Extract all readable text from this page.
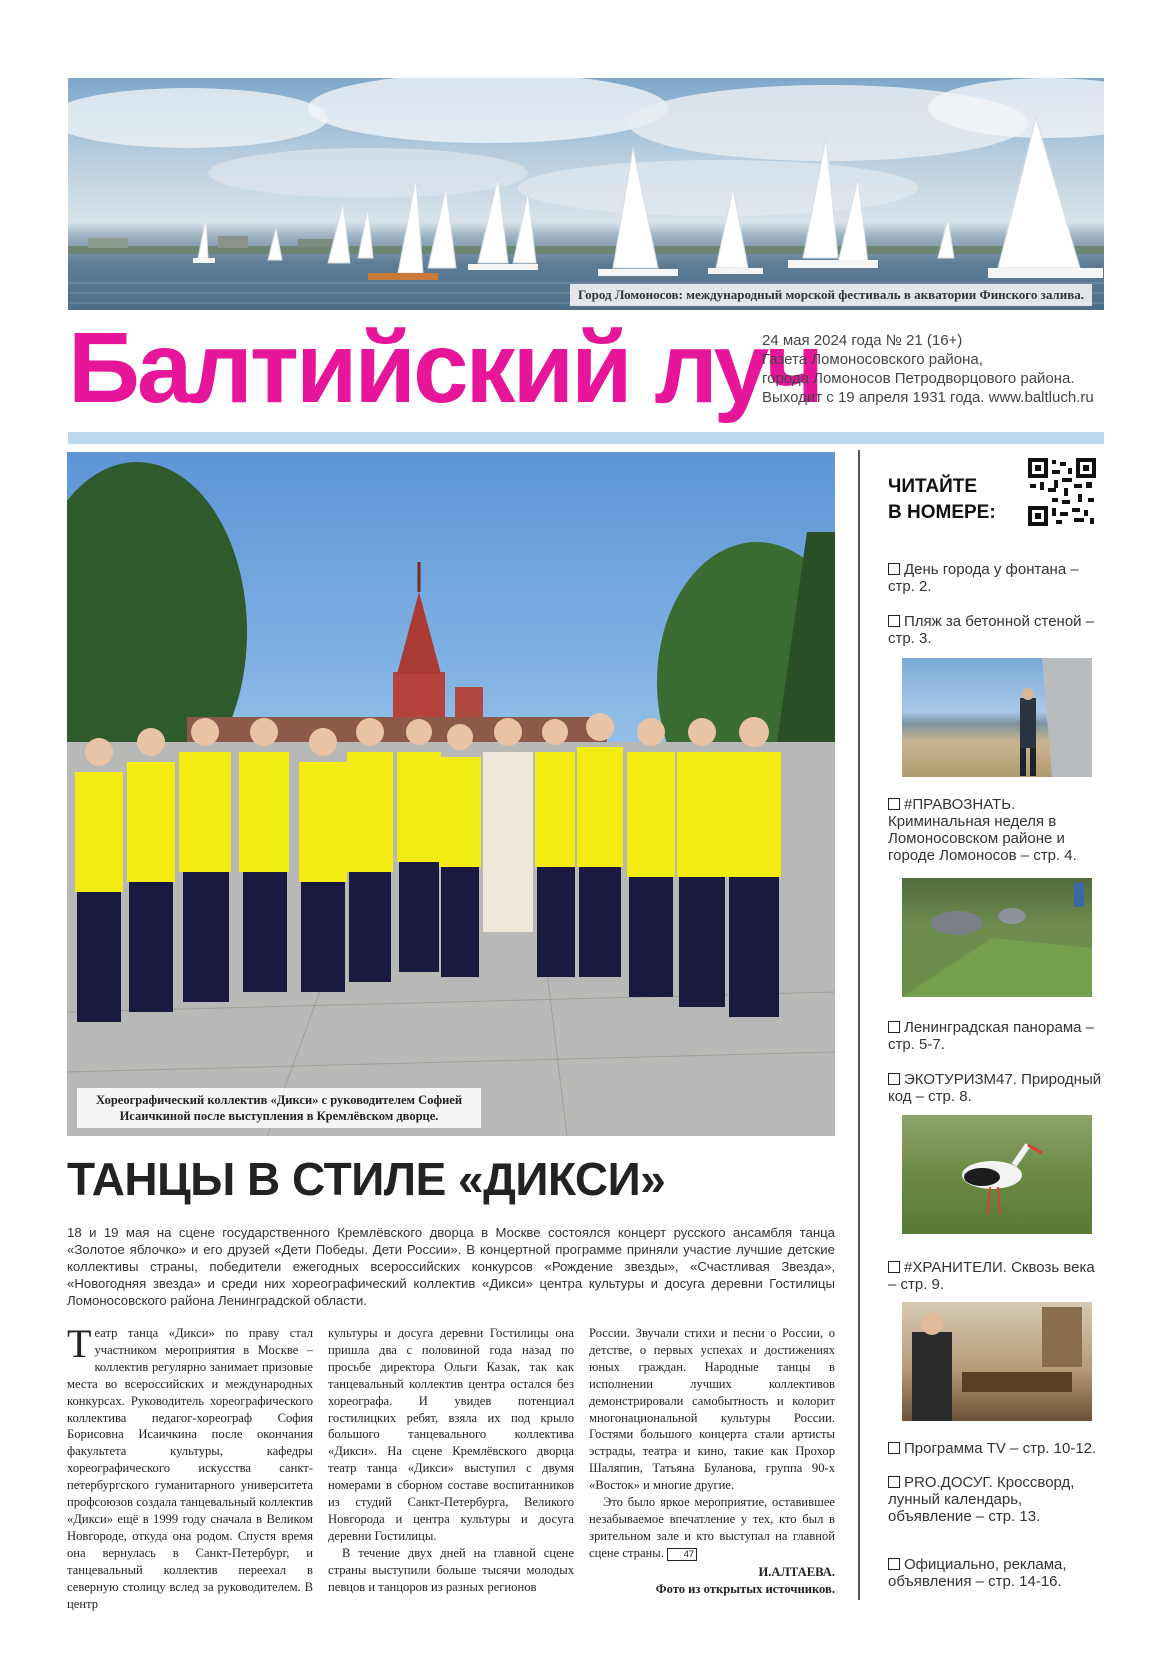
Город Ломоносов: международный морской фестиваль в акватории Финского залива.
Балтийский луч
24 мая 2024 года № 21 (16+)
Газета Ломоносовского района,
города Ломоносов Петродворцового района.
Выходит с 19 апреля 1931 года. www.baltluch.ru
Хореографический коллектив «Дикси» с руководителем Софией
Исаичкиной после выступления в Кремлёвском дворце.
ТАНЦЫ В СТИЛЕ «ДИКСИ»
18 и 19 мая на сцене государственного Кремлёвского дворца в Москве состоялся концерт русского ансамбля танца «Золотое яблочко» и его друзей «Дети Победы. Дети России». В концертной программе приняли участие лучшие детские коллективы страны, победители ежегодных всероссийских конкурсов «Рождение звезды», «Счастливая Звезда», «Новогодняя звезда» и среди них хореографический коллектив «Дикси» центра культуры и досуга деревни Гостилицы Ломоносовского района Ленинградской области.

Театр танца «Дикси» по праву стал участником мероприятия в Москве – коллектив регулярно занимает призовые места во всероссийских и международных конкурсах. Руководитель хореографического коллектива педагог-хореограф София Борисовна Исаичкина после окончания факультета культуры, кафедры хореографического искусства санкт-петербургского гуманитарного университета профсоюзов создала танцевальный коллектив «Дикси» ещё в 1999 году сначала в Великом Новгороде, откуда она родом. Спустя время она вернулась в Санкт-Петербург, и танцевальный коллектив переехал в северную столицу вслед за руководителем. В центр

культуры и досуга деревни Гостилицы она пришла два с половиной года назад по просьбе директора Ольги Казак, так как танцевальный коллектив центра остался без хореографа. И увидев потенциал гостилицких ребят, взяла их под крыло большого танцевального коллектива «Дикси». На сцене Кремлёвского дворца театр танца «Дикси» выступил с двумя номерами в сборном составе воспитанников из студий Санкт-Петербурга, Великого Новгорода и центра культуры и досуга деревни Гостилицы.

В течение двух дней на главной сцене страны выступили больше тысячи молодых певцов и танцоров из разных регионов

России. Звучали стихи и песни о России, о детстве, о первых успехах и достижениях юных граждан. Народные танцы в исполнении лучших коллективов демонстрировали самобытность и колорит многонациональной культуры России. Гостями большого концерта стали артисты эстрады, театра и кино, такие как Прохор Шаляпин, Татьяна Буланова, группа 90-х «Восток» и многие другие.

Это было яркое мероприятие, оставившее незабываемое впечатление у тех, кто был в зрительном зале и кто выступал на главной сцене страны. 47

И.АЛТАЕВА.
Фото из открытых источников.
ЧИТАЙТЕ
В НОМЕРЕ:
День города у фонтана – стр. 2.
Пляж за бетонной стеной – стр. 3.
#ПРАВОЗНАТЬ. Криминальная неделя в Ломоносовском районе и городе Ломоносов – стр. 4.
Ленинградская панорама – стр. 5-7.
ЭКОТУРИЗМ47. Природный код – стр. 8.
#ХРАНИТЕЛИ. Сквозь века – стр. 9.
Программа TV – стр. 10-12.
PRO.ДОСУГ. Кроссворд, лунный календарь, объявление – стр. 13.
Официально, реклама, объявления – стр. 14-16.
